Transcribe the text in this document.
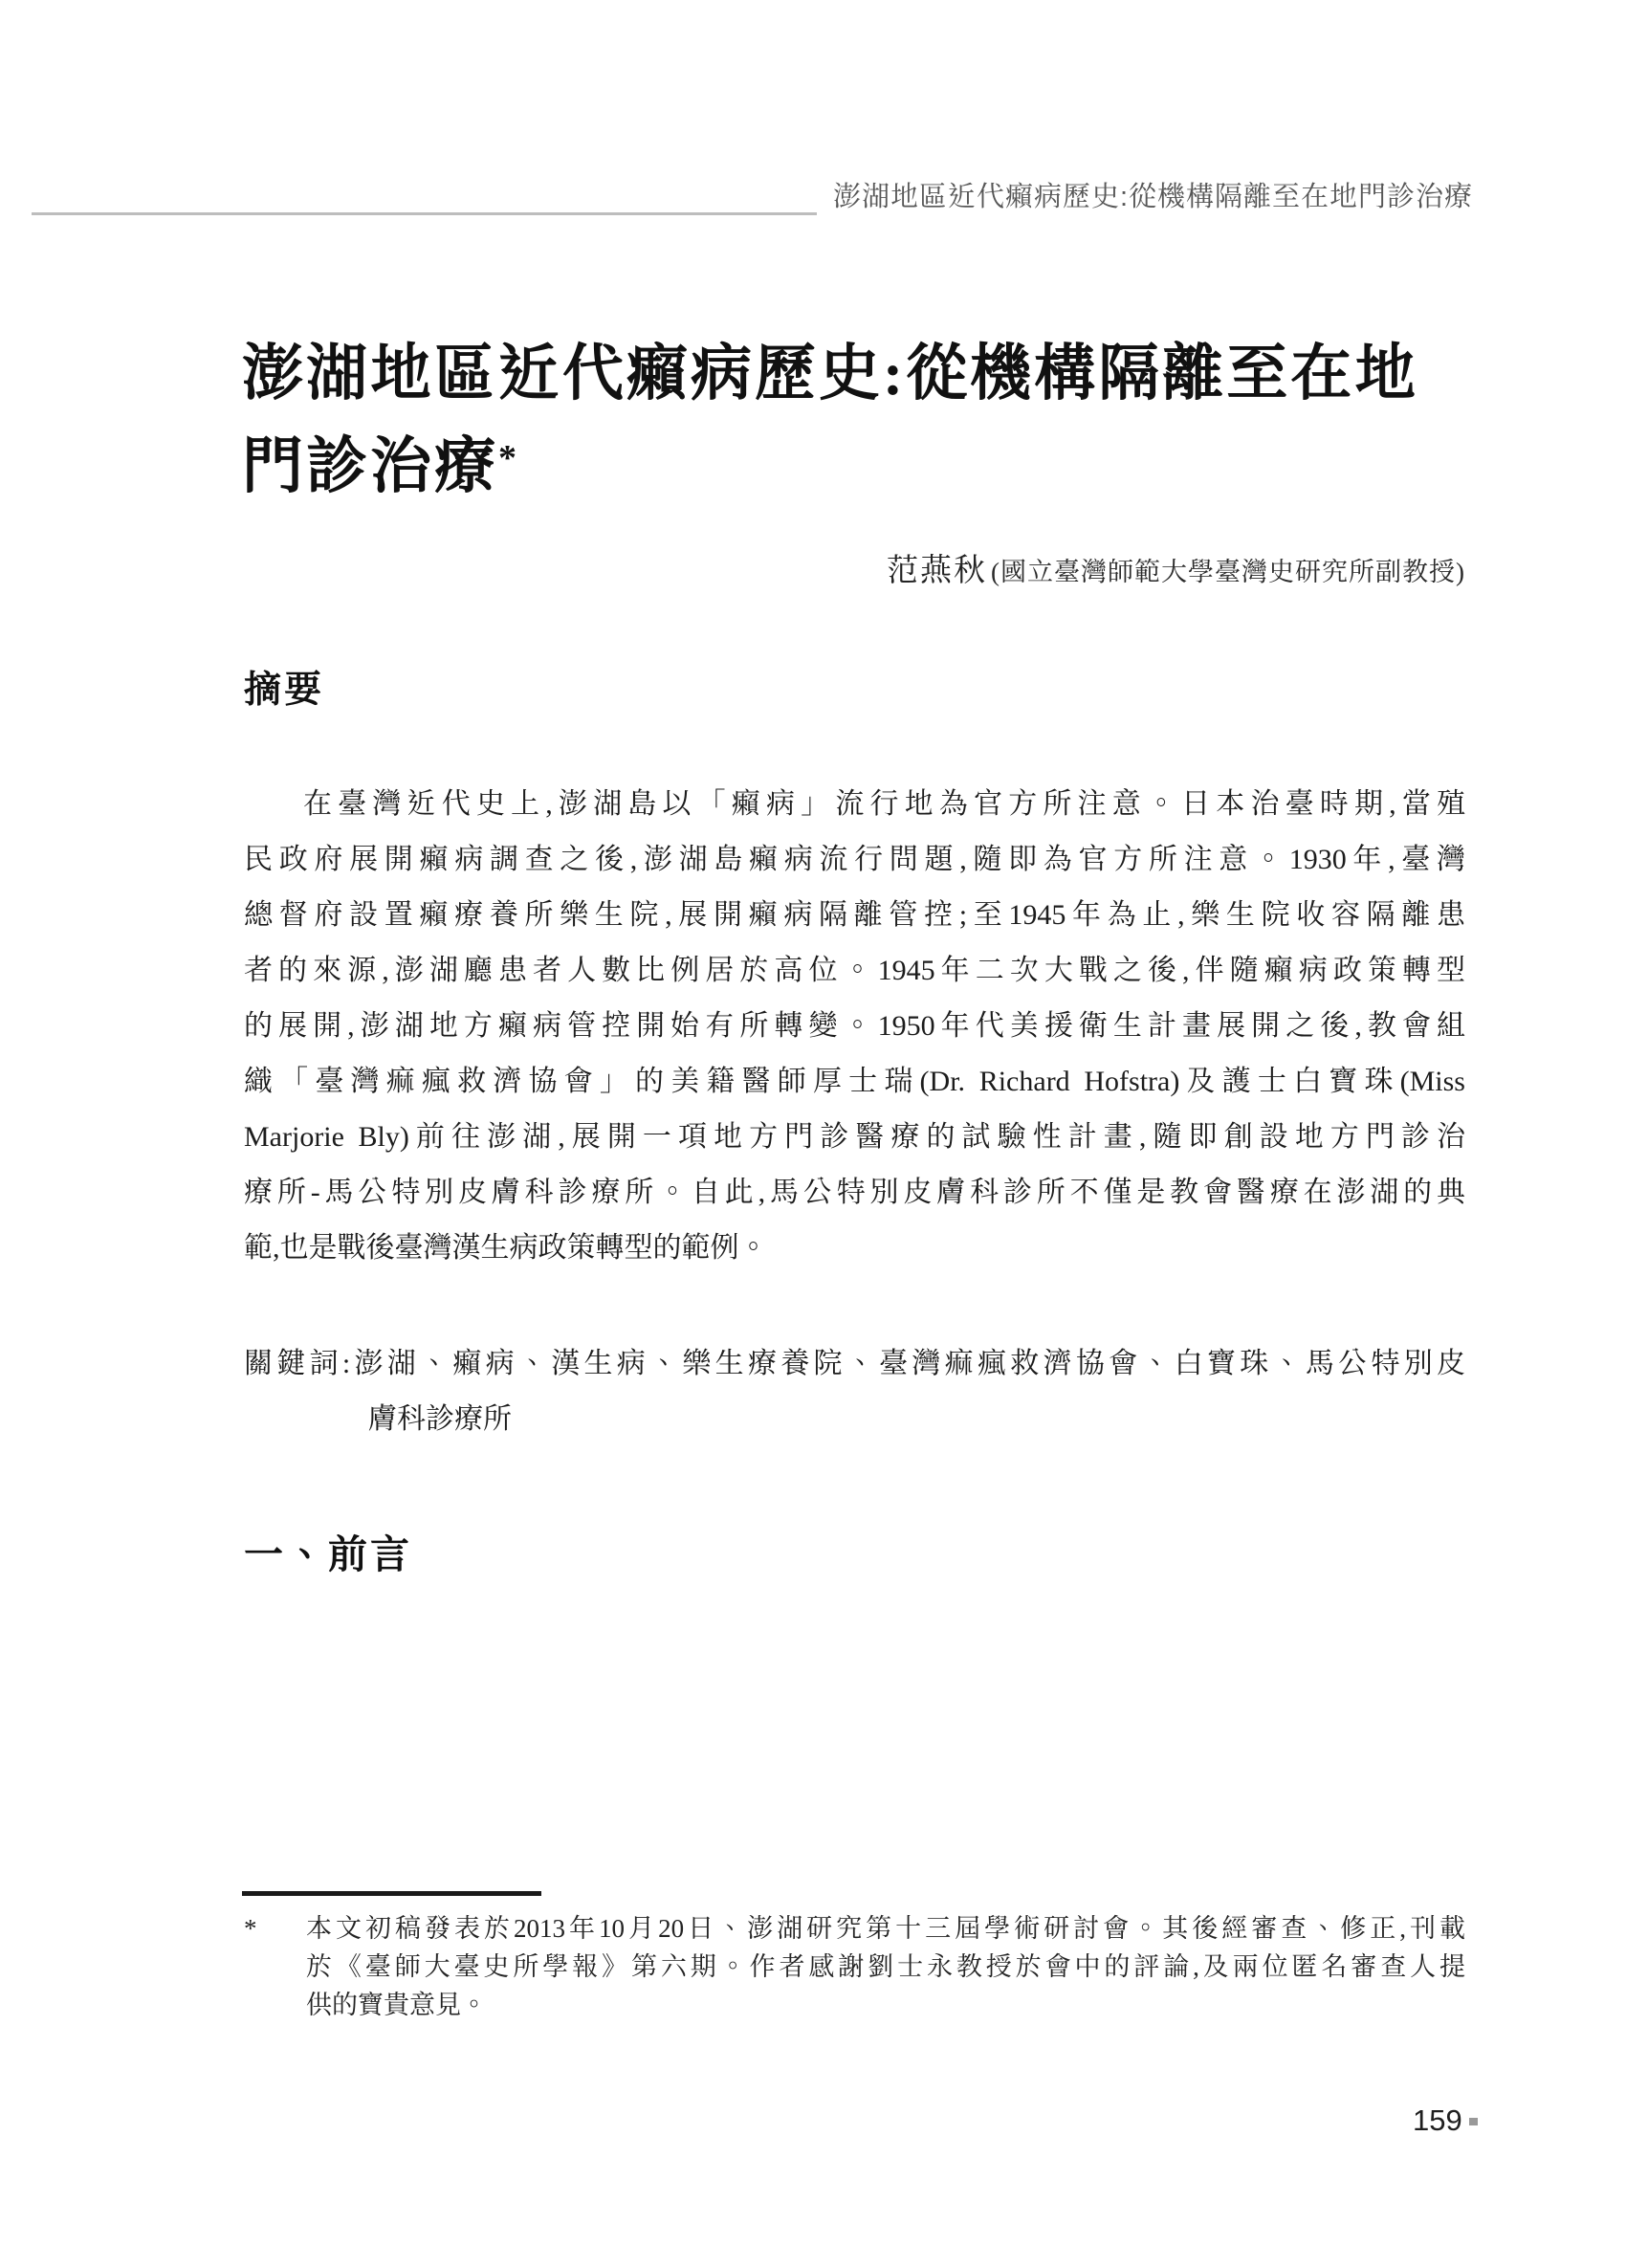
澎湖地區近代癩病歷史:從機構隔離至在地門診治療
澎湖地區近代癩病歷史:從機構隔離至在地
門診治療*
范燕秋 (國立臺灣師範大學臺灣史研究所副教授)
摘要
在臺灣近代史上,澎湖島以「癩病」流行地為官方所注意。日本治臺時期,當殖
民政府展開癩病調查之後,澎湖島癩病流行問題,隨即為官方所注意。1930年,臺灣
總督府設置癩療養所樂生院,展開癩病隔離管控;至1945年為止,樂生院收容隔離患
者的來源,澎湖廳患者人數比例居於高位。1945年二次大戰之後,伴隨癩病政策轉型
的展開,澎湖地方癩病管控開始有所轉變。1950年代美援衛生計畫展開之後,教會組
織「臺灣痲瘋救濟協會」的美籍醫師厚士瑞(Dr. Richard Hofstra)及護士白寶珠(Miss
Marjorie Bly)前往澎湖,展開一項地方門診醫療的試驗性計畫,隨即創設地方門診治
療所-馬公特別皮膚科診療所。自此,馬公特別皮膚科診所不僅是教會醫療在澎湖的典
範,也是戰後臺灣漢生病政策轉型的範例。
關鍵詞:澎湖、癩病、漢生病、樂生療養院、臺灣痲瘋救濟協會、白寶珠、馬公特別皮
膚科診療所
一、前言
*	本文初稿發表於2013年10月20日、澎湖研究第十三屆學術研討會。其後經審查、修正,刊載
於《臺師大臺史所學報》第六期。作者感謝劉士永教授於會中的評論,及兩位匿名審查人提
供的寶貴意見。
159
